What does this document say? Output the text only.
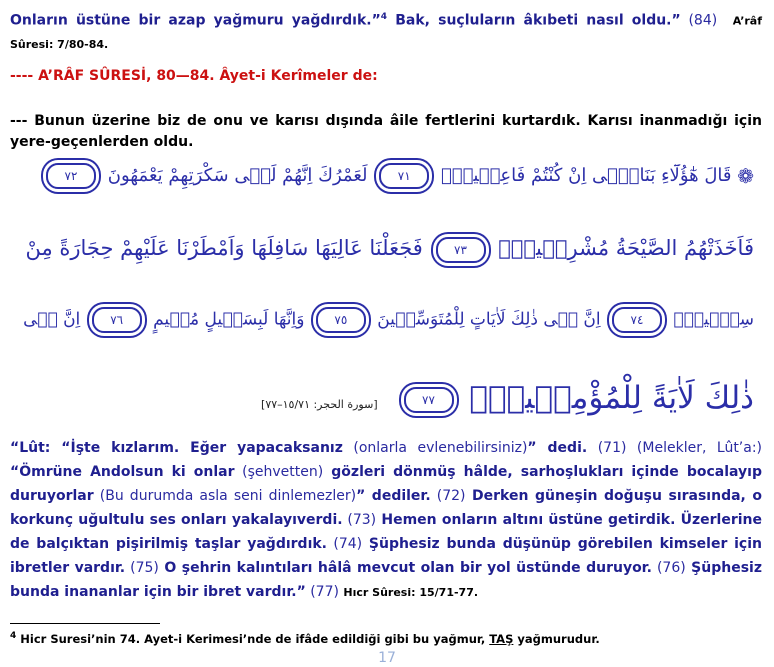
Onların üstüne bir azap yağmuru yağdırdık.”$^4$ Bak, suçluların âkıbeti nasıl oldu.” (84) A’râf Sûresi: 7/80-84.
---- A’RÂF SÛRESİ, 80—84. Âyet-i Kerîmeler de:
--- Bunun üzerine biz de onu ve karısı dışında âile fertlerini kurtardık. Karısı inanmadığı için yere-geçenlerden oldu.
❁ قَالَ هٰٓؤُلَٓاءِ بَنَاتٖٓى اِنْ كُنْتُمْ فَاعِل۪ينَۜ ٧١ لَعَمْرُكَ اِنَّهُمْ لَف۪ى سَكْرَتِهِمْ يَعْمَهُونَ ٧٢
فَاَخَذَتْهُمُ الصَّيْحَةُ مُشْرِق۪ينَۙ ٧٣ فَجَعَلْنَا عَالِيَهَا سَافِلَهَا وَاَمْطَرْنَا عَلَيْهِمْ حِجَارَةً مِنْ
سِجّ۪يلٍۜ ٧٤ اِنَّ ف۪ى ذٰلِكَ لَاٰيَاتٍ لِلْمُتَوَسِّم۪ينَ ٧٥ وَاِنَّهَا لَبِسَب۪يلٍ مُق۪يمٍ ٧٦ اِنَّ ف۪ى
ذٰلِكَ لَاٰيَةً لِلْمُؤْمِن۪ينَۜ ٧٧ [سورة الحجر: ١٥/٧١–٧٧]
“Lût: “İşte kızlarım. Eğer yapacaksanız (onlarla evlenebilirsiniz)” dedi. (71) (Melekler, Lût’a:) “Ömrüne Andolsun ki onlar (şehvetten) gözleri dönmüş hâlde, sarhoşlukları içinde bocalayıp duruyorlar (Bu durumda asla seni dinlemezler)” dediler. (72) Derken güneşin doğuşu sırasında, o korkunç uğultulu ses onları yakalayıverdi. (73) Hemen onların altını üstüne getirdik. Üzerlerine de balçıktan pişirilmiş taşlar yağdırdık. (74) Şüphesiz bunda düşünüp görebilen kimseler için ibretler vardır. (75) O şehrin kalıntıları hâlâ mevcut olan bir yol üstünde duruyor. (76) Şüphesiz bunda inananlar için bir ibret vardır.” (77) Hıcr Sûresi: 15/71-77.
$^4$ Hicr Suresi’nin 74. Ayet-i Kerimesi’nde de ifâde edildiği gibi bu yağmur, TAŞ yağmurudur.
17
